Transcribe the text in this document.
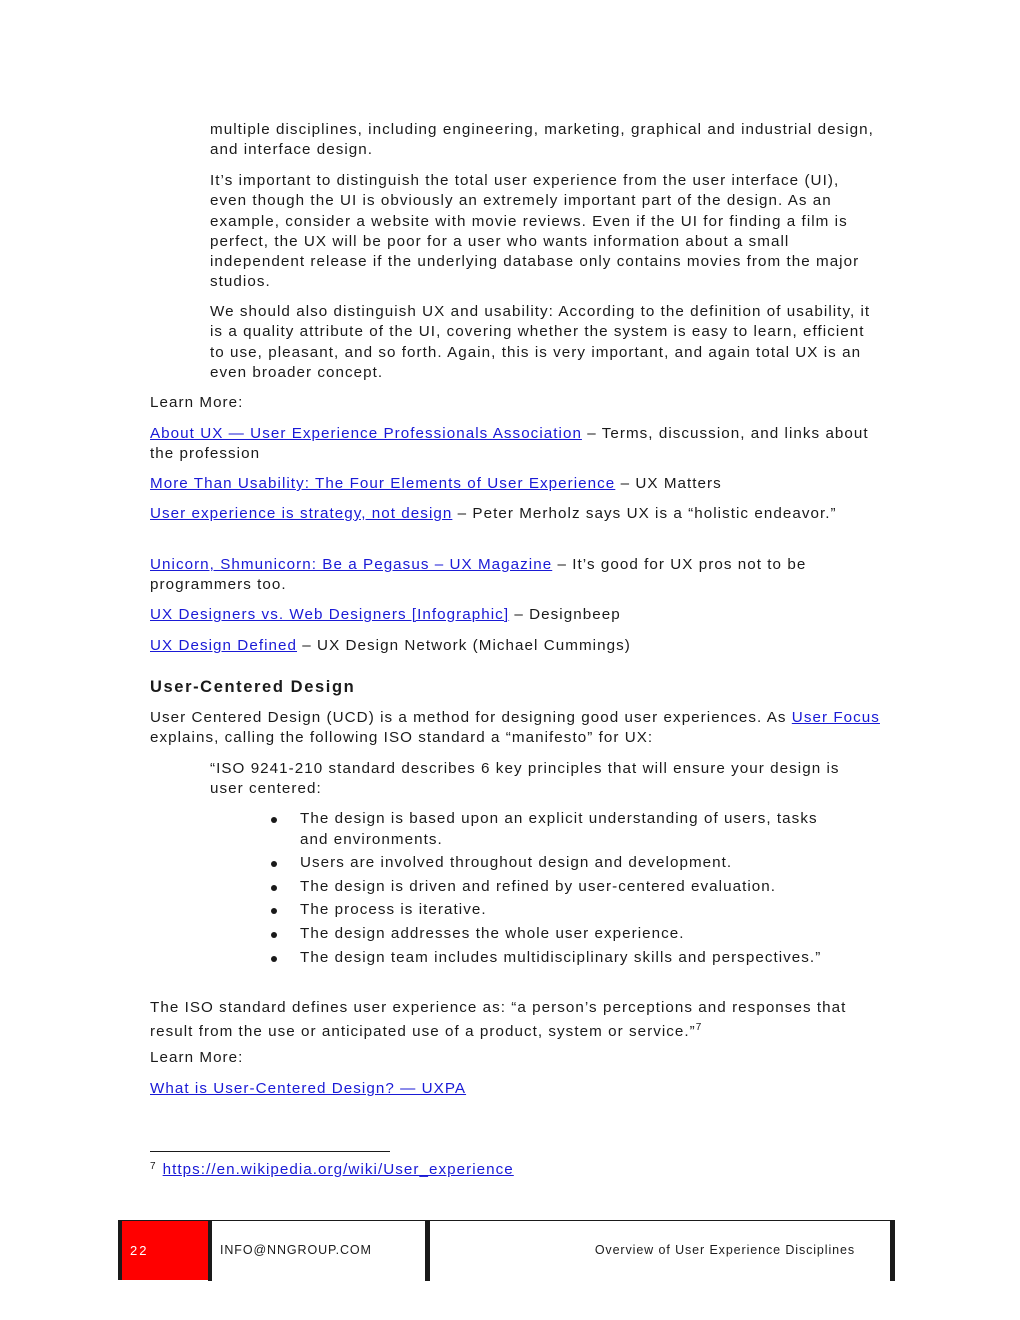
multiple disciplines, including engineering, marketing, graphical and industrial design, and interface design.

It’s important to distinguish the total user experience from the user interface (UI), even though the UI is obviously an extremely important part of the design. As an example, consider a website with movie reviews. Even if the UI for finding a film is perfect, the UX will be poor for a user who wants information about a small independent release if the underlying database only contains movies from the major studios.

We should also distinguish UX and usability: According to the definition of usability, it is a quality attribute of the UI, covering whether the system is easy to learn, efficient to use, pleasant, and so forth. Again, this is very important, and again total UX is an even broader concept.

Learn More:

About UX — User Experience Professionals Association – Terms, discussion, and links about the profession

More Than Usability: The Four Elements of User Experience – UX Matters

User experience is strategy, not design – Peter Merholz says UX is a “holistic endeavor.”

Unicorn, Shmunicorn: Be a Pegasus – UX Magazine – It’s good for UX pros not to be programmers too.

UX Designers vs. Web Designers [Infographic] – Designbeep

UX Design Defined – UX Design Network (Michael Cummings)

User-Centered Design

User Centered Design (UCD) is a method for designing good user experiences. As User Focus explains, calling the following ISO standard a “manifesto” for UX:

“ISO 9241-210 standard describes 6 key principles that will ensure your design is user centered:

The design is based upon an explicit understanding of users, tasks and environments.
Users are involved throughout design and development.
The design is driven and refined by user-centered evaluation.
The process is iterative.
The design addresses the whole user experience.
The design team includes multidisciplinary skills and perspectives.”

The ISO standard defines user experience as: “a person’s perceptions and responses that result from the use or anticipated use of a product, system or service.”$^7$

Learn More:

What is User-Centered Design? — UXPA

$^7$ https://en.wikipedia.org/wiki/User_experience

22	INFO@NNGROUP.COM	Overview of User Experience Disciplines
